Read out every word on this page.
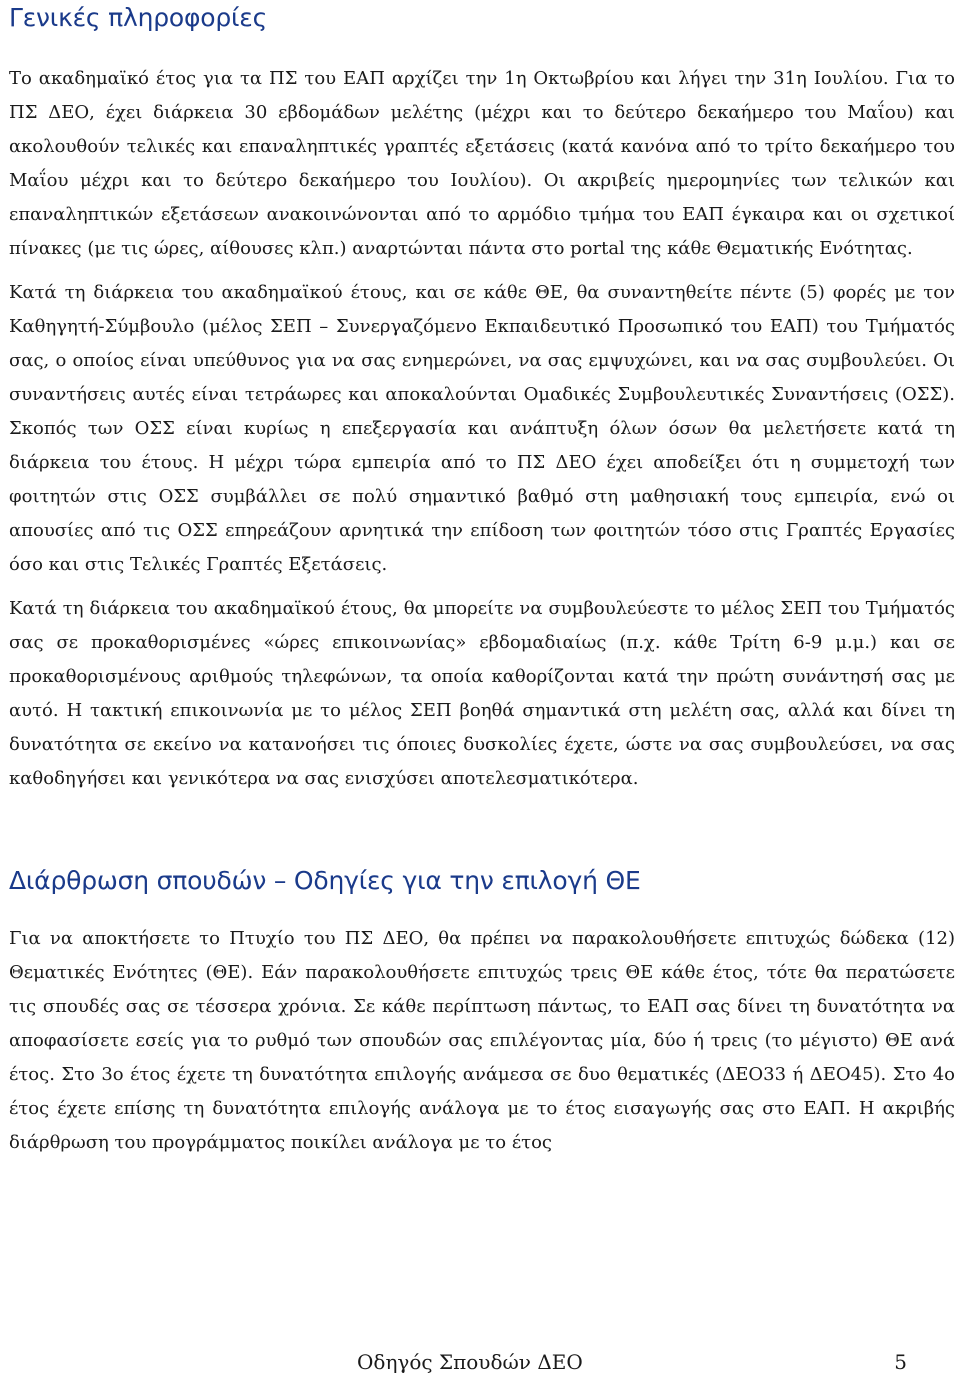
Γενικές πληροφορίες

Το ακαδημαϊκό έτος για τα ΠΣ του ΕΑΠ αρχίζει την 1η Οκτωβρίου και λήγει την 31η Ιουλίου. Για το ΠΣ ΔΕΟ, έχει διάρκεια 30 εβδομάδων μελέτης (μέχρι και το δεύτερο δεκαήμερο του Μαΐου) και ακολουθούν τελικές και επαναληπτικές γραπτές εξετάσεις (κατά κανόνα από το τρίτο δεκαήμερο του Μαΐου μέχρι και το δεύτερο δεκαήμερο του Ιουλίου). Οι ακριβείς ημερομηνίες των τελικών και επαναληπτικών εξετάσεων ανακοινώνονται από το αρμόδιο τμήμα του ΕΑΠ έγκαιρα και οι σχετικοί πίνακες (με τις ώρες, αίθουσες κλπ.) αναρτώνται πάντα στο portal της κάθε Θεματικής Ενότητας.

Κατά τη διάρκεια του ακαδημαϊκού έτους, και σε κάθε ΘΕ, θα συναντηθείτε πέντε (5) φορές με τον Καθηγητή-Σύμβουλο (μέλος ΣΕΠ – Συνεργαζόμενο Εκπαιδευτικό Προσωπικό του ΕΑΠ) του Τμήματός σας, ο οποίος είναι υπεύθυνος για να σας ενημερώνει, να σας εμψυχώνει, και να σας συμβουλεύει. Οι συναντήσεις αυτές είναι τετράωρες και αποκαλούνται Ομαδικές Συμβουλευτικές Συναντήσεις (ΟΣΣ). Σκοπός των ΟΣΣ είναι κυρίως η επεξεργασία και ανάπτυξη όλων όσων θα μελετήσετε κατά τη διάρκεια του έτους. Η μέχρι τώρα εμπειρία από το ΠΣ ΔΕΟ έχει αποδείξει ότι η συμμετοχή των φοιτητών στις ΟΣΣ συμβάλλει σε πολύ σημαντικό βαθμό στη μαθησιακή τους εμπειρία, ενώ οι απουσίες από τις ΟΣΣ επηρεάζουν αρνητικά την επίδοση των φοιτητών τόσο στις Γραπτές Εργασίες όσο και στις Τελικές Γραπτές Εξετάσεις.

Κατά τη διάρκεια του ακαδημαϊκού έτους, θα μπορείτε να συμβουλεύεστε το μέλος ΣΕΠ του Τμήματός σας σε προκαθορισμένες «ώρες επικοινωνίας» εβδομαδιαίως (π.χ. κάθε Τρίτη 6-9 μ.μ.) και σε προκαθορισμένους αριθμούς τηλεφώνων, τα οποία καθορίζονται κατά την πρώτη συνάντησή σας με αυτό. Η τακτική επικοινωνία με το μέλος ΣΕΠ βοηθά σημαντικά στη μελέτη σας, αλλά και δίνει τη δυνατότητα σε εκείνο να κατανοήσει τις όποιες δυσκολίες έχετε, ώστε να σας συμβουλεύσει, να σας καθοδηγήσει και γενικότερα να σας ενισχύσει αποτελεσματικότερα.

Διάρθρωση σπουδών – Οδηγίες για την επιλογή ΘΕ

Για να αποκτήσετε το Πτυχίο του ΠΣ ΔΕΟ, θα πρέπει να παρακολουθήσετε επιτυχώς δώδεκα (12) Θεματικές Ενότητες (ΘΕ). Εάν παρακολουθήσετε επιτυχώς τρεις ΘΕ κάθε έτος, τότε θα περατώσετε τις σπουδές σας σε τέσσερα χρόνια. Σε κάθε περίπτωση πάντως, το ΕΑΠ σας δίνει τη δυνατότητα να αποφασίσετε εσείς για το ρυθμό των σπουδών σας επιλέγοντας μία, δύο ή τρεις (το μέγιστο) ΘΕ ανά έτος. Στο 3ο έτος έχετε τη δυνατότητα επιλογής ανάμεσα σε δυο θεματικές (ΔΕΟ33 ή ΔΕΟ45). Στο 4ο έτος έχετε επίσης τη δυνατότητα επιλογής ανάλογα με το έτος εισαγωγής σας στο ΕΑΠ. Η ακριβής διάρθρωση του προγράμματος ποικίλει ανάλογα με το έτος

Οδηγός Σπουδών ΔΕΟ	5
